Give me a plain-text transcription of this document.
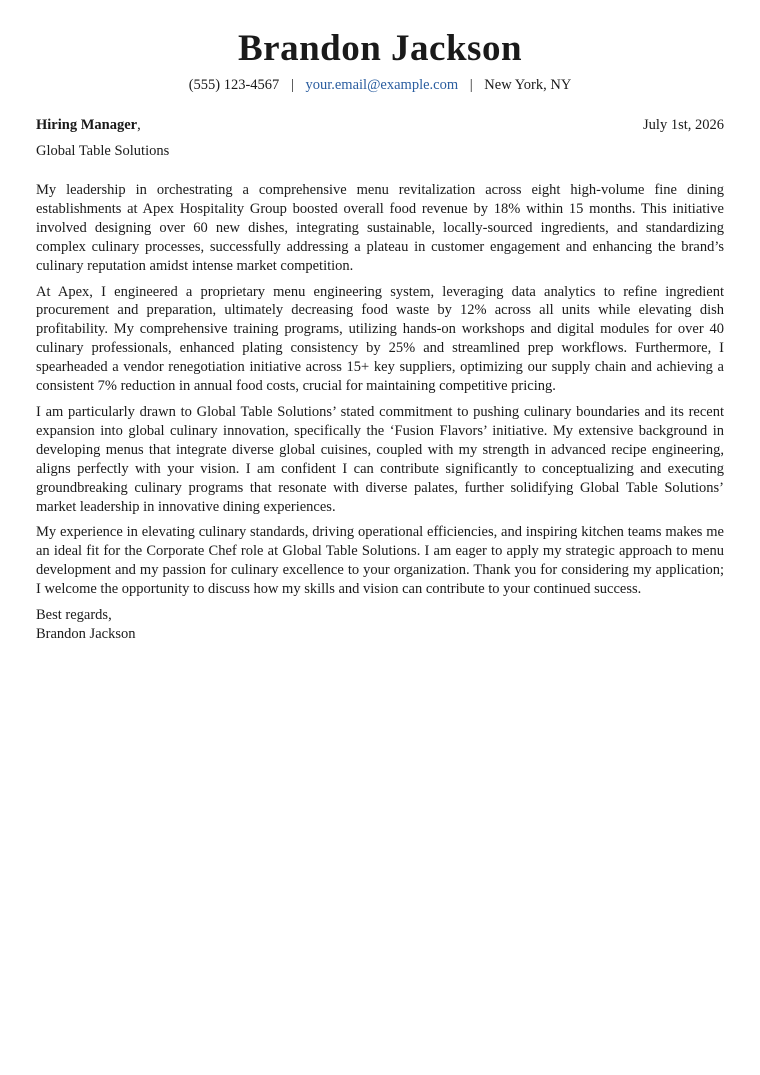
Brandon Jackson
(555) 123-4567 | your.email@example.com | New York, NY
Hiring Manager,	July 1st, 2026
Global Table Solutions

My leadership in orchestrating a comprehensive menu revitalization across eight high-volume fine dining establishments at Apex Hospitality Group boosted overall food revenue by 18% within 15 months. This initiative involved designing over 60 new dishes, integrating sustainable, locally-sourced ingredients, and standardizing complex culinary processes, successfully addressing a plateau in customer engagement and enhancing the brand’s culinary reputation amidst intense market competition.

At Apex, I engineered a proprietary menu engineering system, leveraging data analytics to refine ingredient procurement and preparation, ultimately decreasing food waste by 12% across all units while elevating dish profitability. My comprehensive training programs, utilizing hands-on workshops and digital modules for over 40 culinary professionals, enhanced plating consistency by 25% and streamlined prep workflows. Furthermore, I spearheaded a vendor renegotiation initiative across 15+ key suppliers, optimizing our supply chain and achieving a consistent 7% reduction in annual food costs, crucial for maintaining competitive pricing.

I am particularly drawn to Global Table Solutions’ stated commitment to pushing culinary boundaries and its recent expansion into global culinary innovation, specifically the ‘Fusion Flavors’ initiative. My extensive background in developing menus that integrate diverse global cuisines, coupled with my strength in advanced recipe engineering, aligns perfectly with your vision. I am confident I can contribute significantly to conceptualizing and executing groundbreaking culinary programs that resonate with diverse palates, further solidifying Global Table Solutions’ market leadership in innovative dining experiences.

My experience in elevating culinary standards, driving operational efficiencies, and inspiring kitchen teams makes me an ideal fit for the Corporate Chef role at Global Table Solutions. I am eager to apply my strategic approach to menu development and my passion for culinary excellence to your organization. Thank you for considering my application; I welcome the opportunity to discuss how my skills and vision can contribute to your continued success.

Best regards,
Brandon Jackson
